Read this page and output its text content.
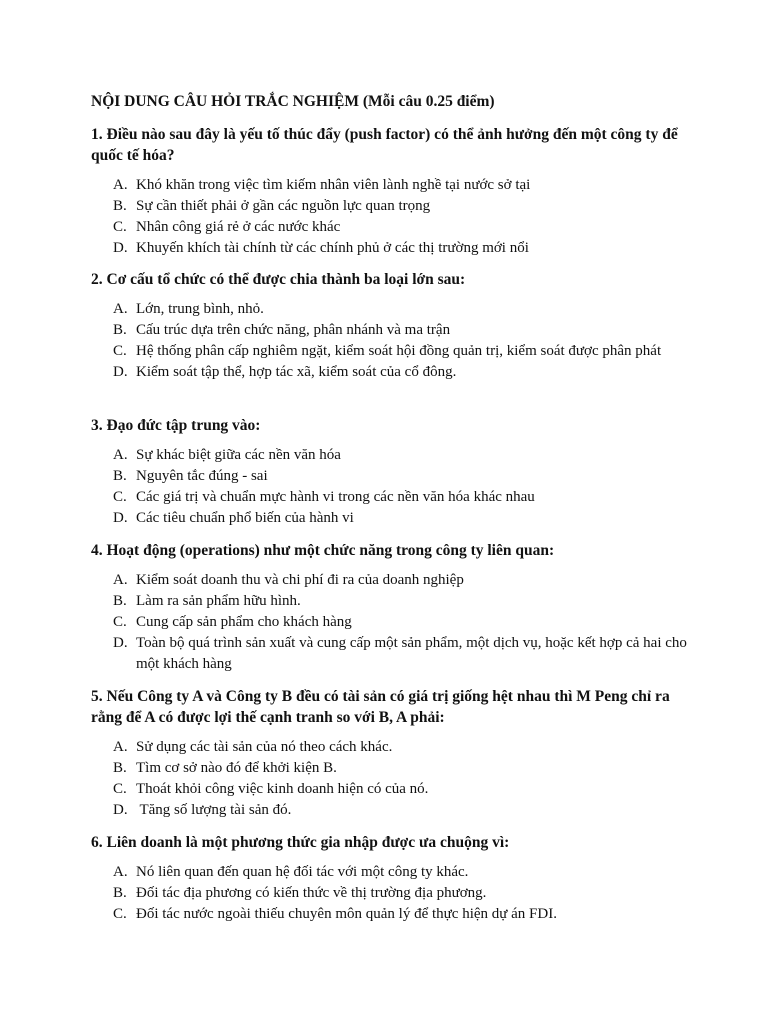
NỘI DUNG CÂU HỎI TRẮC NGHIỆM (Mỗi câu 0.25 điểm)
1. Điều nào sau đây là yếu tố thúc đẩy (push factor) có thể ảnh hưởng đến một công ty để quốc tế hóa?
A. Khó khăn trong việc tìm kiếm nhân viên lành nghề tại nước sở tại
B. Sự cần thiết phải ở gần các nguồn lực quan trọng
C. Nhân công giá rẻ ở các nước khác
D. Khuyến khích tài chính từ các chính phủ ở các thị trường mới nổi
2. Cơ cấu tổ chức có thể được chia thành ba loại lớn sau:
A. Lớn, trung bình, nhỏ.
B. Cấu trúc dựa trên chức năng, phân nhánh và ma trận
C. Hệ thống phân cấp nghiêm ngặt, kiểm soát hội đồng quản trị, kiểm soát được phân phát
D. Kiểm soát tập thể, hợp tác xã, kiểm soát của cổ đông.
3. Đạo đức tập trung vào:
A. Sự khác biệt giữa các nền văn hóa
B. Nguyên tắc đúng - sai
C. Các giá trị và chuẩn mực hành vi trong các nền văn hóa khác nhau
D. Các tiêu chuẩn phổ biến của hành vi
4. Hoạt động (operations) như một chức năng trong công ty liên quan:
A. Kiểm soát doanh thu và chi phí đi ra của doanh nghiệp
B. Làm ra sản phẩm hữu hình.
C. Cung cấp sản phẩm cho khách hàng
D. Toàn bộ quá trình sản xuất và cung cấp một sản phẩm, một dịch vụ, hoặc kết hợp cả hai cho một khách hàng
5. Nếu Công ty A và Công ty B đều có tài sản có giá trị giống hệt nhau thì M Peng chỉ ra rằng để A có được lợi thế cạnh tranh so với B, A phải:
A. Sử dụng các tài sản của nó theo cách khác.
B. Tìm cơ sở nào đó để khởi kiện B.
C. Thoát khỏi công việc kinh doanh hiện có của nó.
D. Tăng số lượng tài sản đó.
6. Liên doanh là một phương thức gia nhập được ưa chuộng vì:
A. Nó liên quan đến quan hệ đối tác với một công ty khác.
B. Đối tác địa phương có kiến thức về thị trường địa phương.
C. Đối tác nước ngoài thiếu chuyên môn quản lý để thực hiện dự án FDI.
